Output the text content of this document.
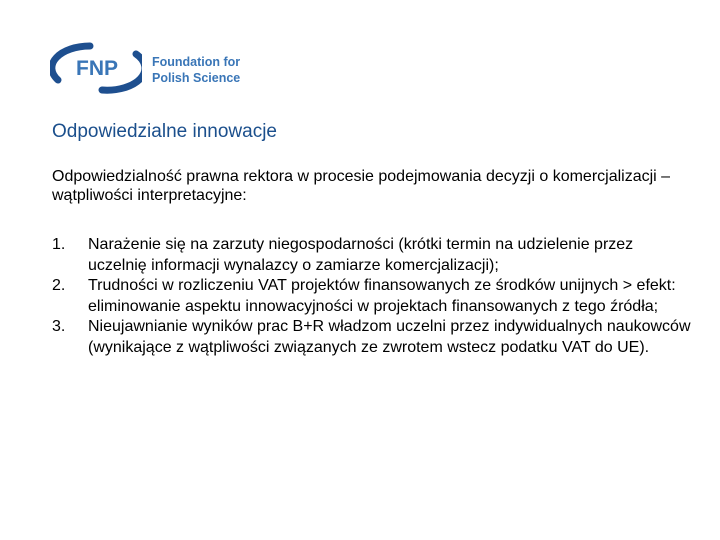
FNP	Foundation for
Polish Science
Odpowiedzialne innowacje

Odpowiedzialność prawna rektora w procesie podejmowania decyzji o komercjalizacji – wątpliwości interpretacyjne:

1. Narażenie się na zarzuty niegospodarności (krótki termin na udzielenie przez uczelnię informacji wynalazcy o zamiarze komercjalizacji);
2. Trudności w rozliczeniu VAT projektów finansowanych ze środków unijnych > efekt: eliminowanie aspektu innowacyjności w projektach finansowanych z tego źródła;
3. Nieujawnianie wyników prac B+R władzom uczelni przez indywidualnych naukowców (wynikające z wątpliwości związanych ze zwrotem wstecz podatku VAT do UE).
